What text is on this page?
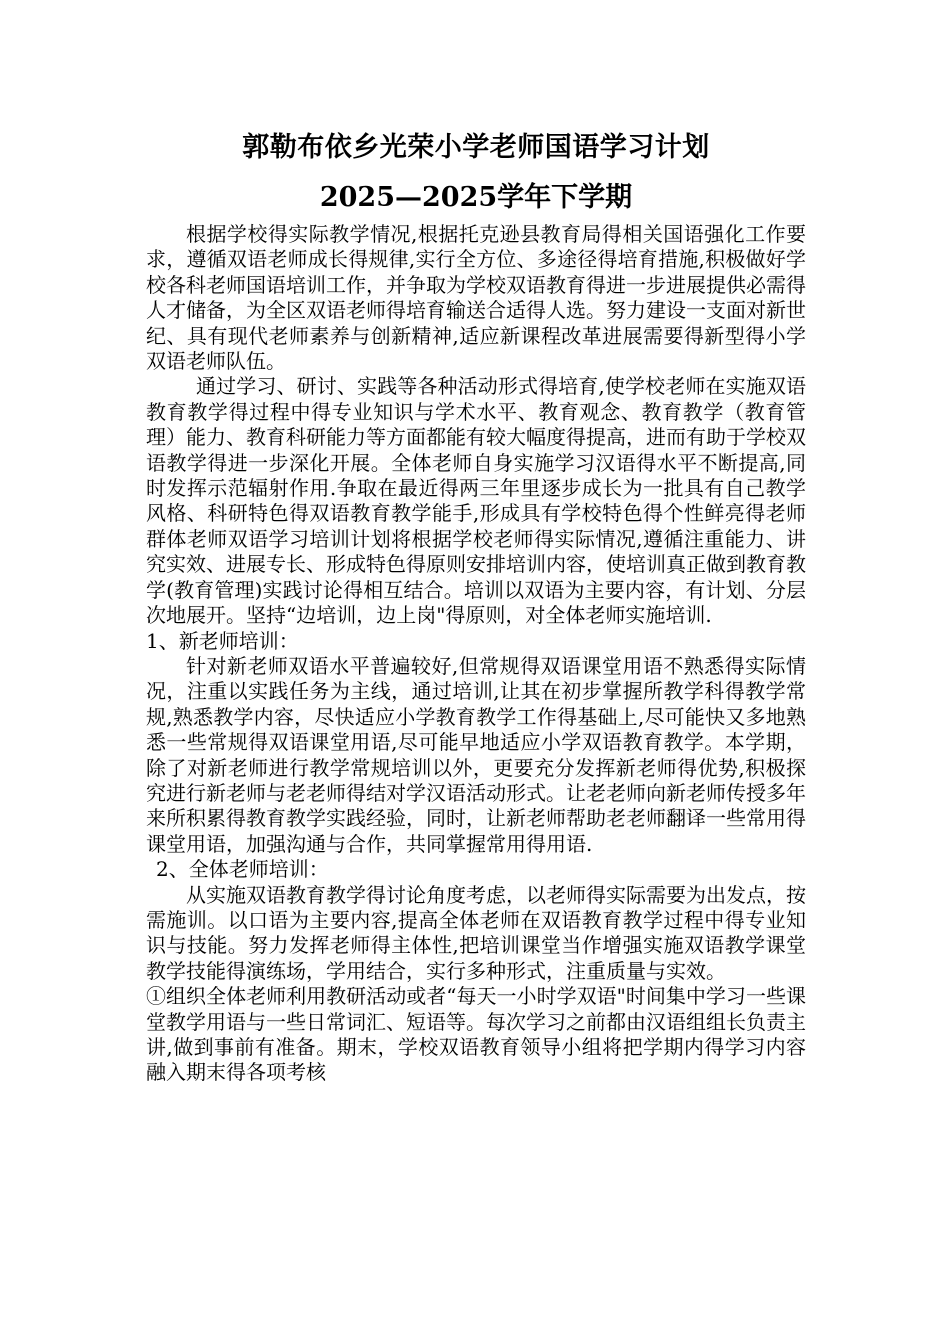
郭勒布依乡光荣小学老师国语学习计划
2025—2025学年下学期

根据学校得实际教学情况,根据托克逊县教育局得相关国语强化工作要求，遵循双语老师成长得规律,实行全方位、多途径得培育措施,积极做好学校各科老师国语培训工作，并争取为学校双语教育得进一步进展提供必需得人才储备，为全区双语老师得培育输送合适得人选。努力建设一支面对新世纪、具有现代老师素养与创新精神,适应新课程改革进展需要得新型得小学双语老师队伍。

通过学习、研讨、实践等各种活动形式得培育,使学校老师在实施双语教育教学得过程中得专业知识与学术水平、教育观念、教育教学（教育管理）能力、教育科研能力等方面都能有较大幅度得提高，进而有助于学校双语教学得进一步深化开展。全体老师自身实施学习汉语得水平不断提高,同时发挥示范辐射作用.争取在最近得两三年里逐步成长为一批具有自己教学风格、科研特色得双语教育教学能手,形成具有学校特色得个性鲜亮得老师群体老师双语学习培训计划将根据学校老师得实际情况,遵循注重能力、讲究实效、进展专长、形成特色得原则安排培训内容，使培训真正做到教育教学(教育管理)实践讨论得相互结合。培训以双语为主要内容，有计划、分层次地展开。坚持“边培训，边上岗"得原则，对全体老师实施培训.

1、新老师培训：

针对新老师双语水平普遍较好,但常规得双语课堂用语不熟悉得实际情况，注重以实践任务为主线，通过培训,让其在初步掌握所教学科得教学常规,熟悉教学内容，尽快适应小学教育教学工作得基础上,尽可能快又多地熟悉一些常规得双语课堂用语,尽可能早地适应小学双语教育教学。本学期，除了对新老师进行教学常规培训以外，更要充分发挥新老师得优势,积极探究进行新老师与老老师得结对学汉语活动形式。让老老师向新老师传授多年来所积累得教育教学实践经验，同时，让新老师帮助老老师翻译一些常用得课堂用语，加强沟通与合作，共同掌握常用得用语.

2、全体老师培训：

从实施双语教育教学得讨论角度考虑，以老师得实际需要为出发点，按需施训。以口语为主要内容,提高全体老师在双语教育教学过程中得专业知识与技能。努力发挥老师得主体性,把培训课堂当作增强实施双语教学课堂教学技能得演练场，学用结合，实行多种形式，注重质量与实效。

①组织全体老师利用教研活动或者“每天一小时学双语"时间集中学习一些课堂教学用语与一些日常词汇、短语等。每次学习之前都由汉语组组长负责主讲,做到事前有准备。期末，学校双语教育领导小组将把学期内得学习内容融入期末得各项考核
